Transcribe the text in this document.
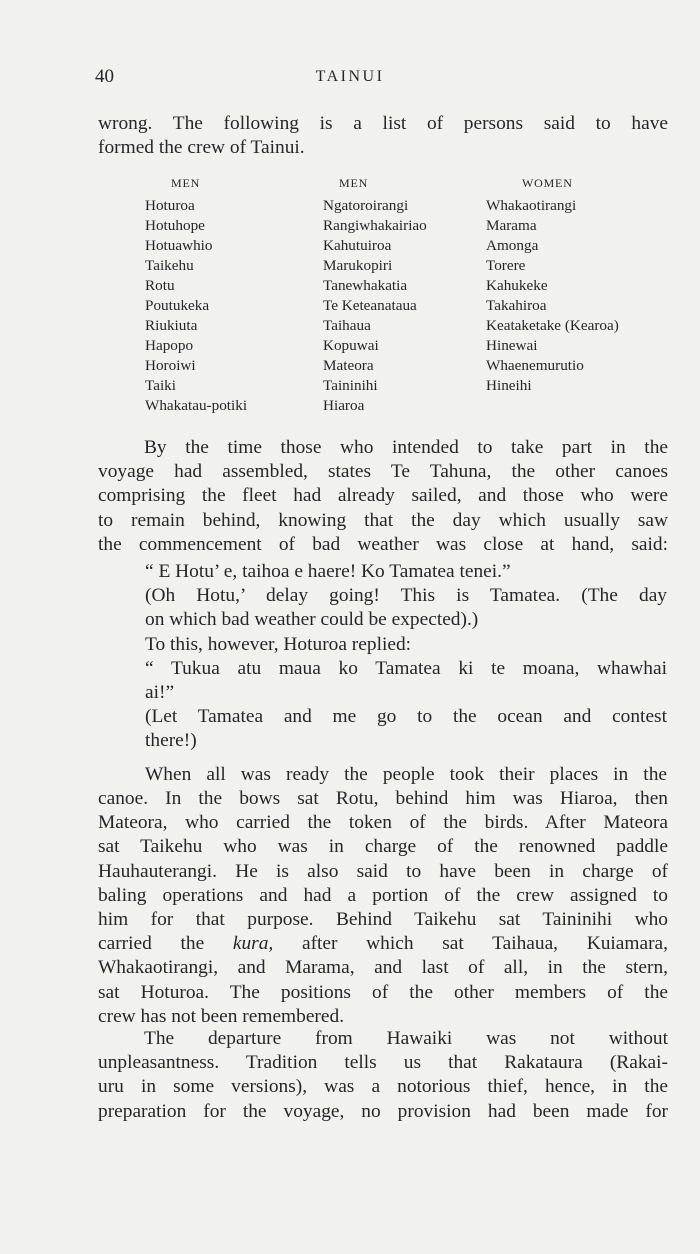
40	TAINUI
wrong. The following is a list of persons said to have
formed the crew of Tainui.
MEN
Hoturoa
Hotuhope
Hotuawhio
Taikehu
Rotu
Poutukeka
Riukiuta
Hapopo
Horoiwi
Taiki
Whakatau-potiki
MEN
Ngatoroirangi
Rangiwhakairiao
Kahutuiroa
Marukopiri
Tanewhakatia
Te Keteanataua
Taihaua
Kopuwai
Mateora
Taininihi
Hiaroa
WOMEN
Whakaotirangi
Marama
Amonga
Torere
Kahukeke
Takahiroa
Keataketake (Kearoa)
Hinewai
Whaenemurutio
Hineihi
By the time those who intended to take part in the
voyage had assembled, states Te Tahuna, the other canoes
comprising the fleet had already sailed, and those who were
to remain behind, knowing that the day which usually saw
the commencement of bad weather was close at hand, said:
“ E Hotu’ e, taihoa e haere! Ko Tamatea tenei.”
(Oh Hotu,’ delay going! This is Tamatea. (The day
on which bad weather could be expected).)
To this, however, Hoturoa replied:
“ Tukua atu maua ko Tamatea ki te moana, whawhai
ai!”
(Let Tamatea and me go to the ocean and contest
there!)
When all was ready the people took their places in the
canoe. In the bows sat Rotu, behind him was Hiaroa, then
Mateora, who carried the token of the birds. After Mateora
sat Taikehu who was in charge of the renowned paddle
Hauhauterangi. He is also said to have been in charge of
baling operations and had a portion of the crew assigned to
him for that purpose. Behind Taikehu sat Taininihi who
carried the kura, after which sat Taihaua, Kuiamara,
Whakaotirangi, and Marama, and last of all, in the stern,
sat Hoturoa. The positions of the other members of the
crew has not been remembered.
The departure from Hawaiki was not without
unpleasantness. Tradition tells us that Rakataura (Rakai-
uru in some versions), was a notorious thief, hence, in the
preparation for the voyage, no provision had been made for
